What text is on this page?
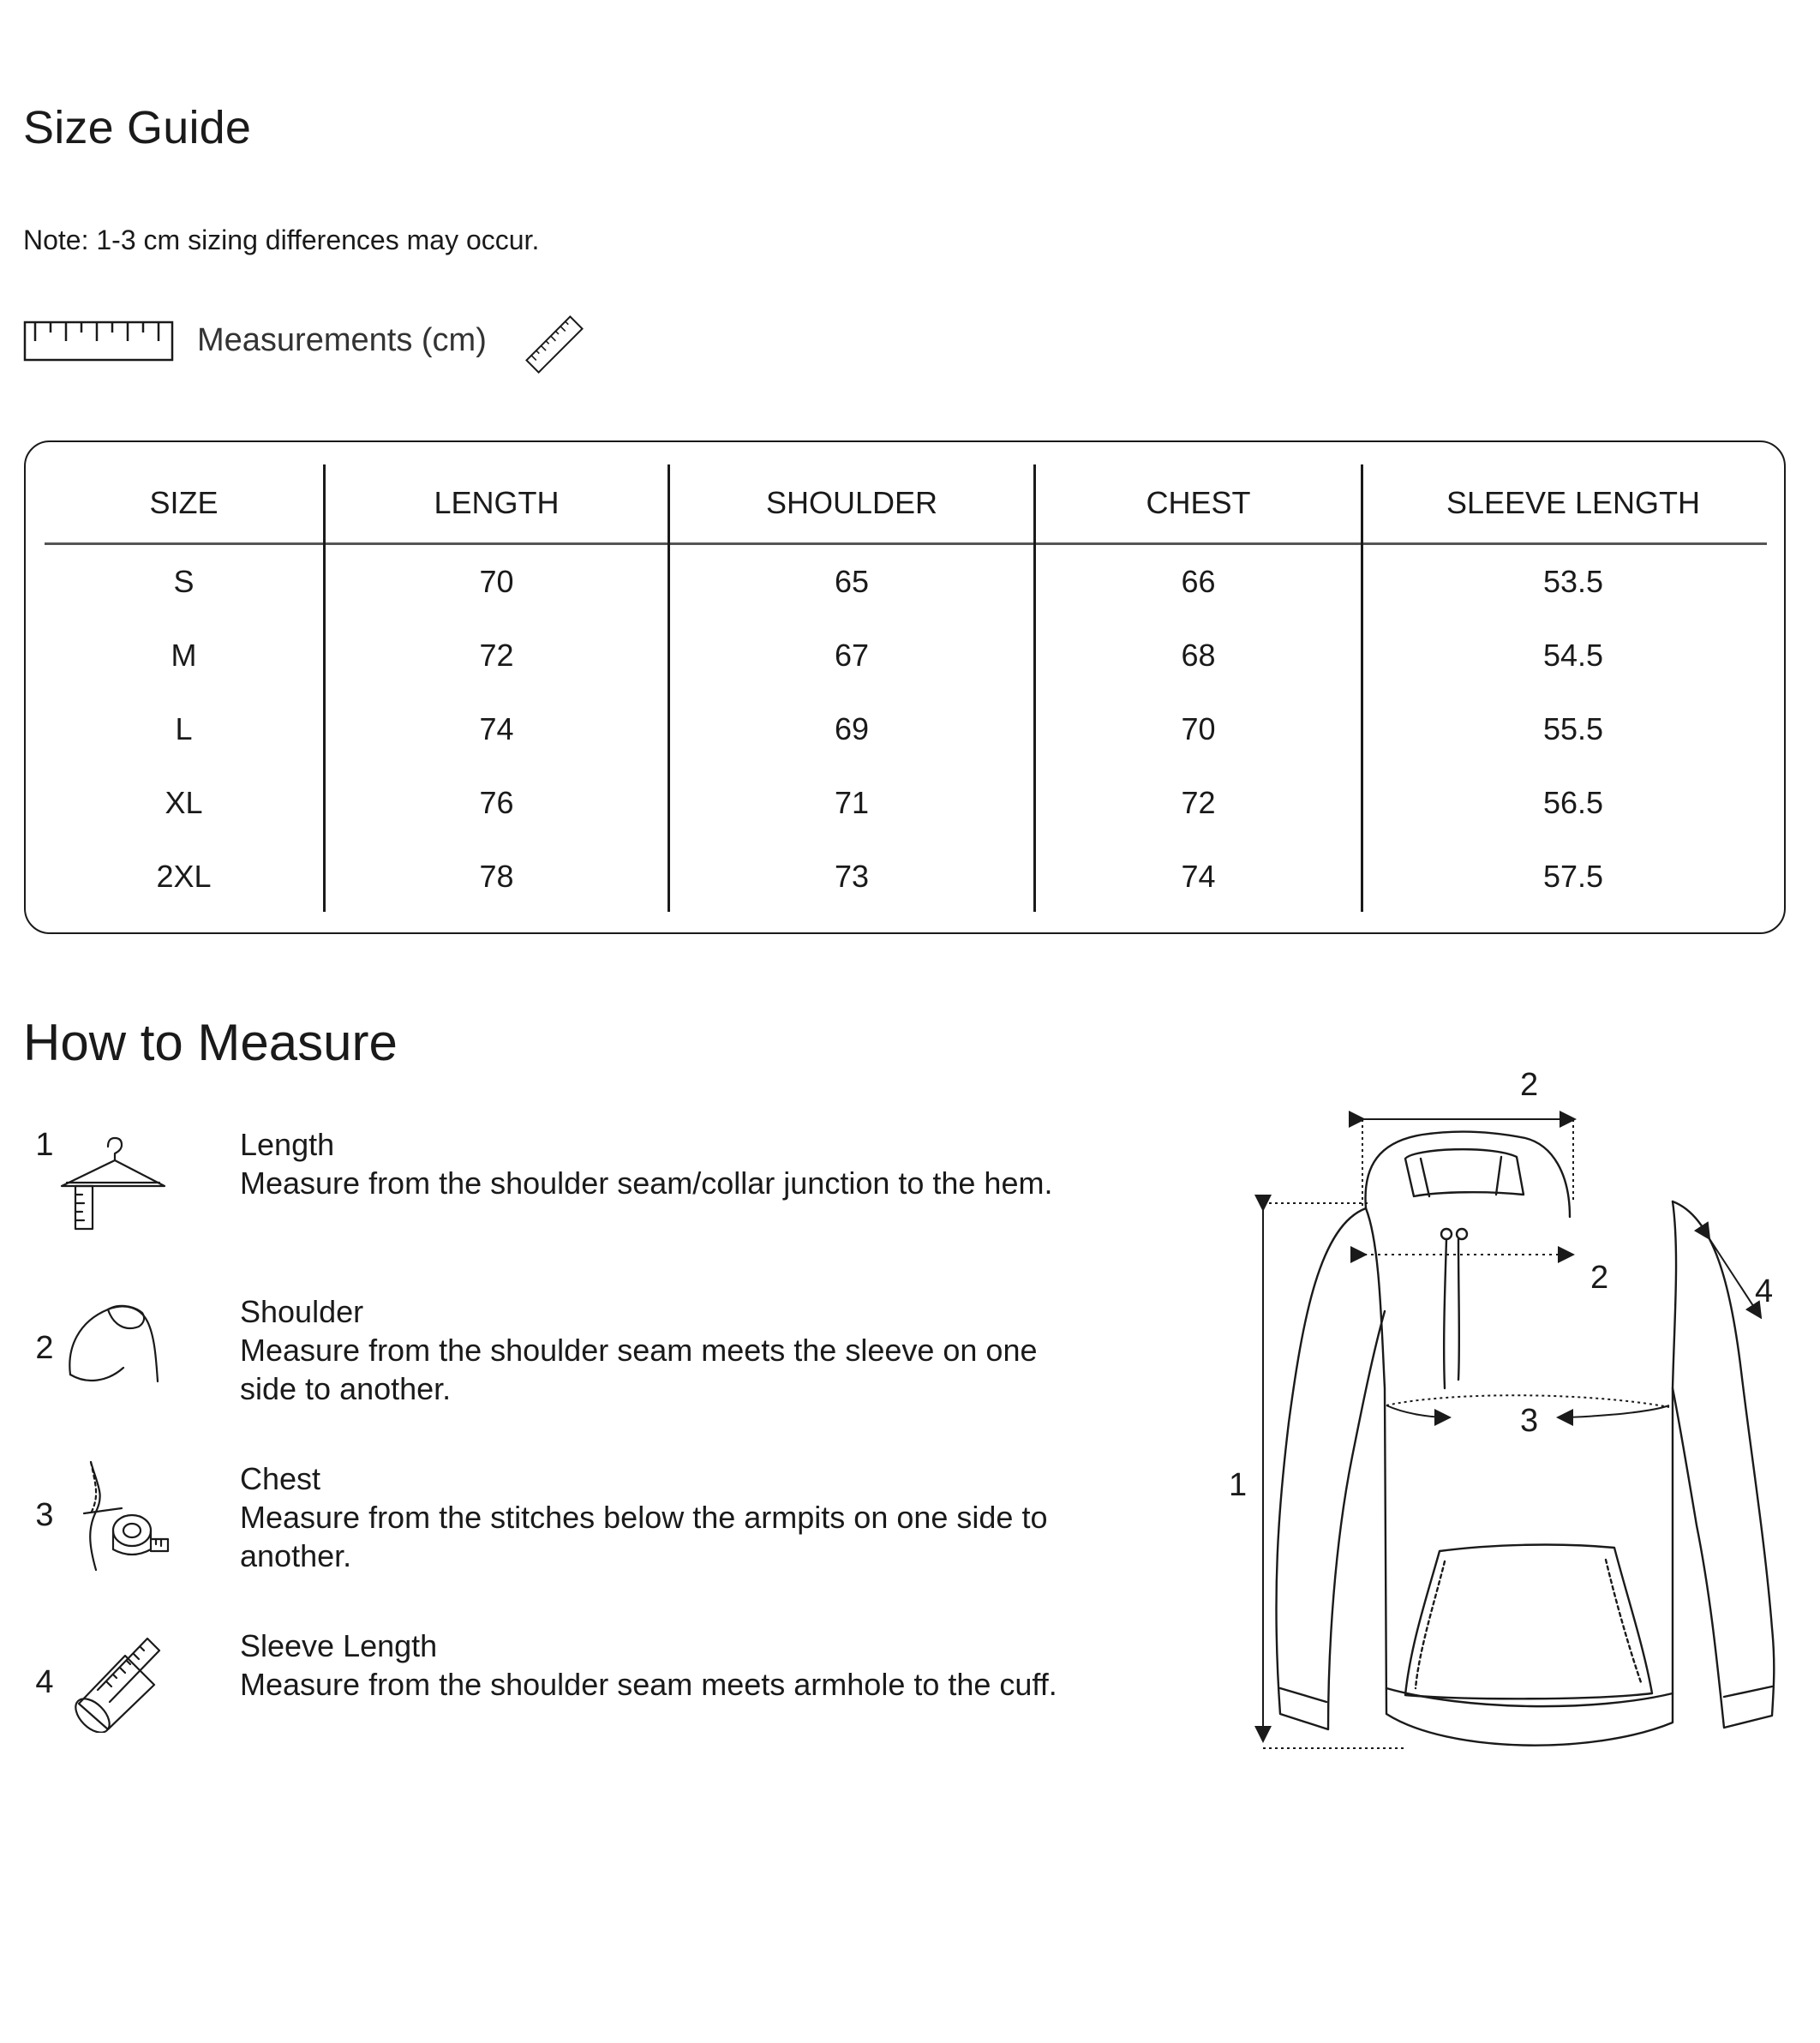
Size Guide
Note: 1-3 cm sizing differences may occur.
Measurements (cm)
SIZE	LENGTH	SHOULDER	CHEST	SLEEVE LENGTH
S	70	65	66	53.5
M	72	67	68	54.5
L	74	69	70	55.5
XL	76	71	72	56.5
2XL	78	73	74	57.5
How to Measure
1	Length
Measure from the shoulder seam/collar junction to the hem.
2
Shoulder
Measure from the shoulder seam meets the sleeve on one side to another.
3
Chest
Measure from the stitches below the armpits on one side to another.
4
Sleeve Length
Measure from the shoulder seam meets armhole to the cuff.
2
2
1
3
4
